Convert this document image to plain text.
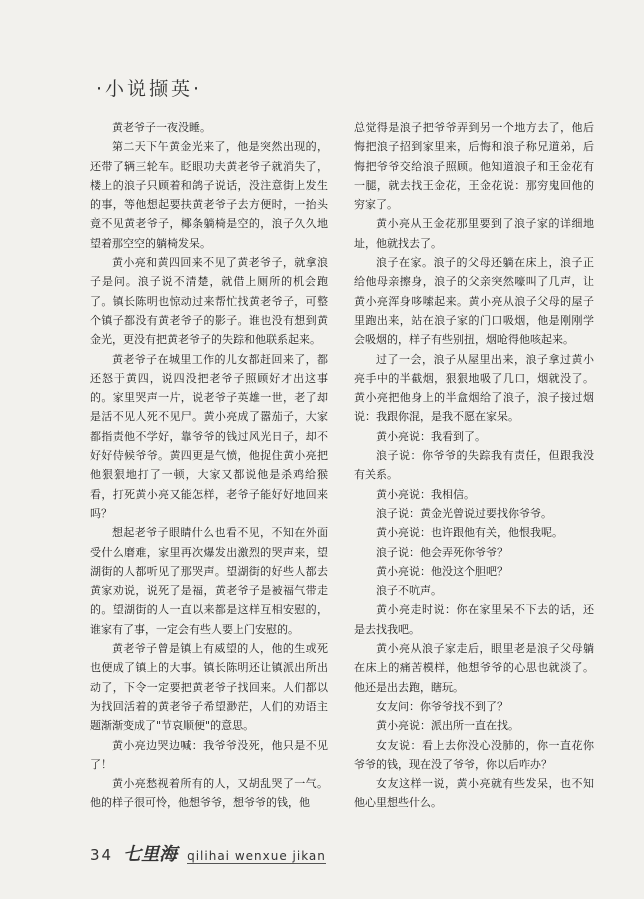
·小说撷英·

黄老爷子一夜没睡。

第二天下午黄金光来了，他是突然出现的，还带了辆三轮车。眨眼功夫黄老爷子就消失了，楼上的浪子只顾着和鸽子说话，没注意街上发生的事，等他想起要扶黄老爷子去方便时，一抬头竟不见黄老爷子，椰条躺椅是空的，浪子久久地望着那空空的躺椅发呆。

黄小亮和黄四回来不见了黄老爷子，就拿浪子是问。浪子说不清楚，就借上厕所的机会跑了。镇长陈明也惊动过来帮忙找黄老爷子，可整个镇子都没有黄老爷子的影子。谁也没有想到黄金光，更没有把黄老爷子的失踪和他联系起来。

黄老爷子在城里工作的儿女都赶回来了，都还怒于黄四，说四没把老爷子照顾好才出这事的。家里哭声一片，说老爷子英雄一世，老了却是活不见人死不见尸。黄小亮成了嚣茄子，大家都指责他不学好，靠爷爷的钱过风光日子，却不好好侍候爷爷。黄四更是气愤，他捉住黄小亮把他狠狠地打了一顿，大家又都说他是杀鸡给猴看，打死黄小亮又能怎样，老爷子能好好地回来吗？

想起老爷子眼睛什么也看不见，不知在外面受什么磨难，家里再次爆发出激烈的哭声来，望湖街的人都听见了那哭声。望湖街的好些人都去黄家劝说，说死了是福，黄老爷子是被福气带走的。望湖街的人一直以来都是这样互相安慰的，谁家有了事，一定会有些人要上门安慰的。

黄老爷子曾是镇上有威望的人，他的生或死也便成了镇上的大事。镇长陈明还让镇派出所出动了，下令一定要把黄老爷子找回来。人们都以为找回活着的黄老爷子希望渺茫，人们的劝语主题渐渐变成了"节哀顺便"的意思。

黄小亮边哭边喊：我爷爷没死，他只是不见了！

黄小亮愁视着所有的人，又胡乱哭了一气。他的样子很可怜，他想爷爷，想爷爷的钱，他

总觉得是浪子把爷爷弄到另一个地方去了，他后悔把浪子招到家里来，后悔和浪子称兄道弟，后悔把爷爷交给浪子照顾。他知道浪子和王金花有一腿，就去找王金花，王金花说：那穷鬼回他的穷家了。

黄小亮从王金花那里要到了浪子家的详细地址，他就找去了。

浪子在家。浪子的父母还躺在床上，浪子正给他母亲擦身，浪子的父亲突然嚎叫了几声，让黄小亮浑身哆嗦起来。黄小亮从浪子父母的屋子里跑出来，站在浪子家的门口吸烟，他是刚刚学会吸烟的，样子有些别扭，烟呛得他咳起来。

过了一会，浪子从屋里出来，浪子拿过黄小亮手中的半截烟，狠狠地吸了几口，烟就没了。黄小亮把他身上的半盒烟给了浪子，浪子接过烟说：我跟你混，是我不愿在家呆。

黄小亮说：我看到了。

浪子说：你爷爷的失踪我有责任，但跟我没有关系。

黄小亮说：我相信。

浪子说：黄金光曾说过要找你爷爷。

黄小亮说：也许跟他有关，他恨我呢。

浪子说：他会弄死你爷爷？

黄小亮说：他没这个胆吧？

浪子不吭声。

黄小亮走时说：你在家里呆不下去的话，还是去找我吧。

黄小亮从浪子家走后，眼里老是浪子父母躺在床上的痛苦模样，他想爷爷的心思也就淡了。他还是出去跑，瞎玩。

女友问：你爷爷找不到了？

黄小亮说：派出所一直在找。

女友说：看上去你没心没肺的，你一直花你爷爷的钱，现在没了爷爷，你以后咋办？

女友这样一说，黄小亮就有些发呆，也不知他心里想些什么。

34 七里海 qilihai wenxue jikan
